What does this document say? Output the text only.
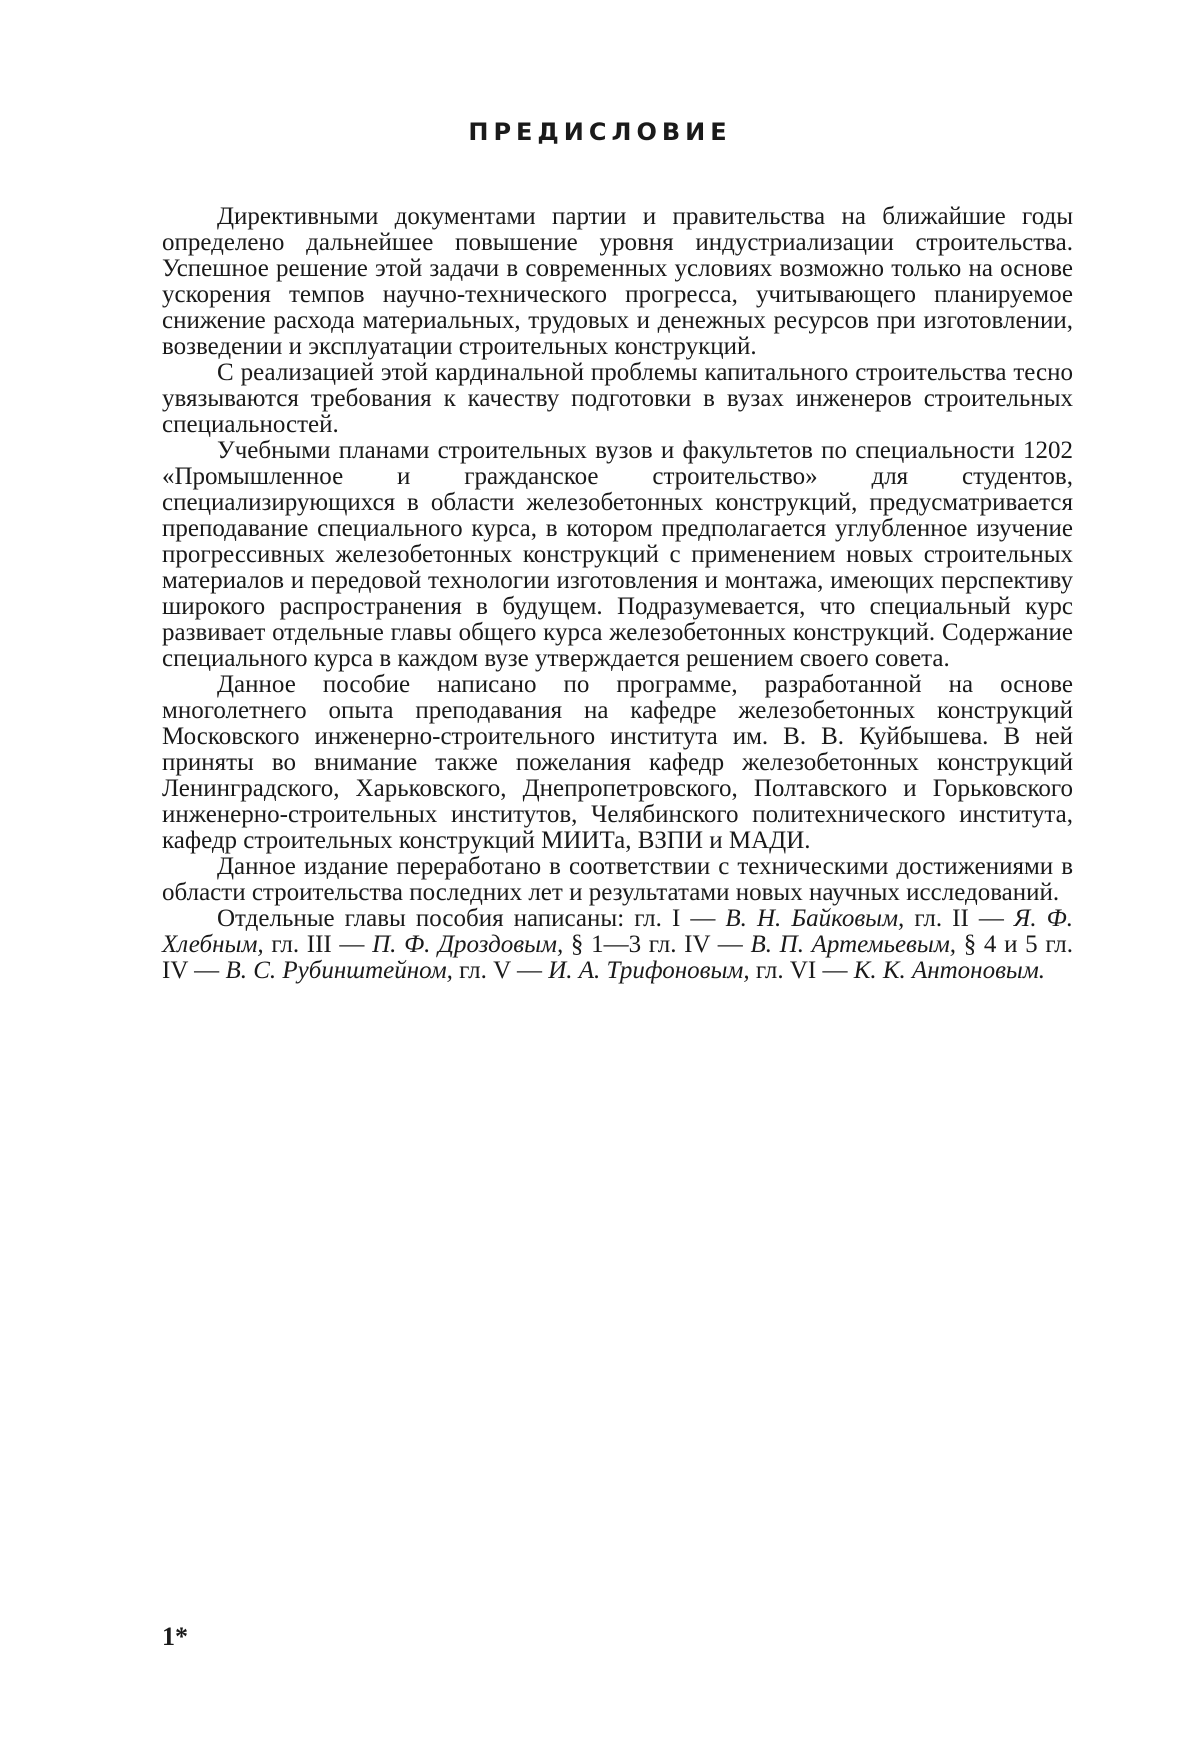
ПРЕДИСЛОВИЕ

Директивными документами партии и правительства на ближайшие годы определено дальнейшее повышение уровня индустриализации строительства. Успешное решение этой задачи в современных условиях возможно только на основе ускорения темпов научно-технического прогресса, учитывающего планируемое снижение расхода материальных, трудовых и денежных ресурсов при изготовлении, возведении и эксплуатации строительных конструкций.

С реализацией этой кардинальной проблемы капитального строительства тесно увязываются требования к качеству подготовки в вузах инженеров строительных специальностей.

Учебными планами строительных вузов и факультетов по специальности 1202 «Промышленное и гражданское строительство» для студентов, специализирующихся в области железобетонных конструкций, предусматривается преподавание специального курса, в котором предполагается углубленное изучение прогрессивных железобетонных конструкций с применением новых строительных материалов и передовой технологии изготовления и монтажа, имеющих перспективу широкого распространения в будущем. Подразумевается, что специальный курс развивает отдельные главы общего курса железобетонных конструкций. Содержание специального курса в каждом вузе утверждается решением своего совета.

Данное пособие написано по программе, разработанной на основе многолетнего опыта преподавания на кафедре железобетонных конструкций Московского инженерно-строительного института им. В. В. Куйбышева. В ней приняты во внимание также пожелания кафедр железобетонных конструкций Ленинградского, Харьковского, Днепропетровского, Полтавского и Горьковского инженерно-строительных институтов, Челябинского политехнического института, кафедр строительных конструкций МИИТа, ВЗПИ и МАДИ.

Данное издание переработано в соответствии с техническими достижениями в области строительства последних лет и результатами новых научных исследований.

Отдельные главы пособия написаны: гл. I — В. Н. Байковым, гл. II — Я. Ф. Хлебным, гл. III — П. Ф. Дроздовым, § 1—3 гл. IV — В. П. Артемьевым, § 4 и 5 гл. IV — В. С. Рубинштейном, гл. V — И. А. Трифоновым, гл. VI — К. К. Антоновым.

1*
